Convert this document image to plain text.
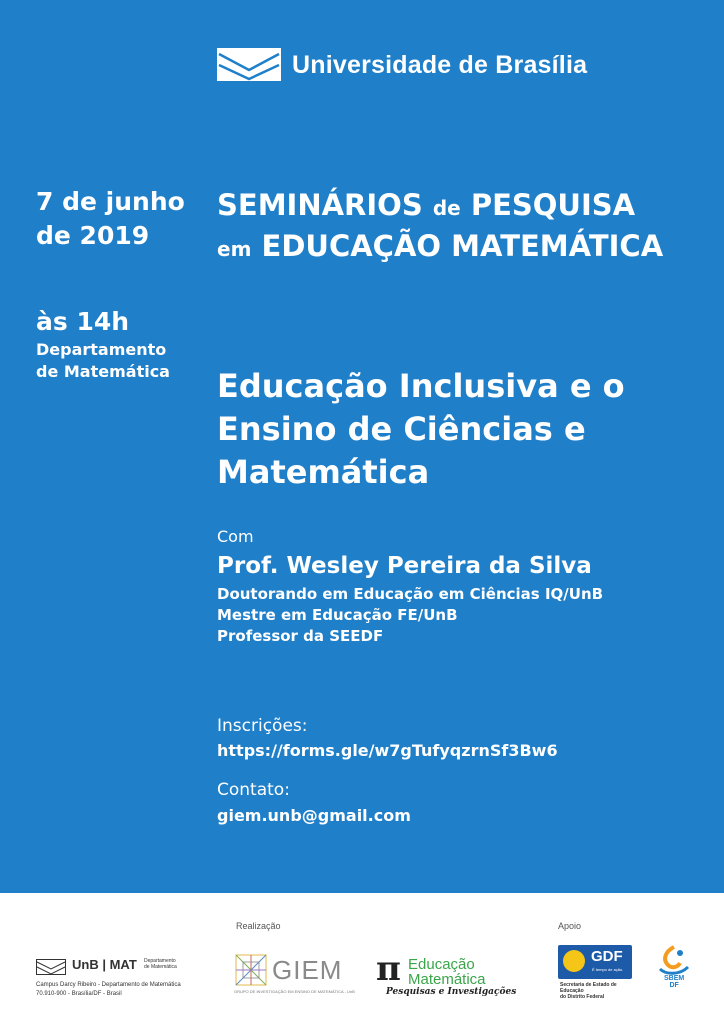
Universidade de Brasília
7 de junho
de 2019
às 14h
Departamento
de Matemática
SEMINÁRIOS de PESQUISA
em EDUCAÇÃO MATEMÁTICA
Educação Inclusiva e o
Ensino de Ciências e
Matemática
Com
Prof. Wesley Pereira da Silva
Doutorando em Educação em Ciências IQ/UnB
Mestre em Educação FE/UnB
Professor da SEEDF
Inscrições:
https://forms.gle/w7gTufyqzrnSf3Bw6
Contato:
giem.unb@gmail.com
Realização	Apoio
UnB | MAT Departamento
de Matemática
Campus Darcy Ribeiro - Departamento de Matemática
70.910-900 - Brasília/DF - Brasil
GIEM
GRUPO DE INVESTIGAÇÃO EM ENSINO DE MATEMÁTICA - UnB
π Educação
Matemática
Pesquisas e Investigações
GDF
É tempo de ação.
Secretaria de Estado de Educação
do Distrito Federal
SBEM
DF
